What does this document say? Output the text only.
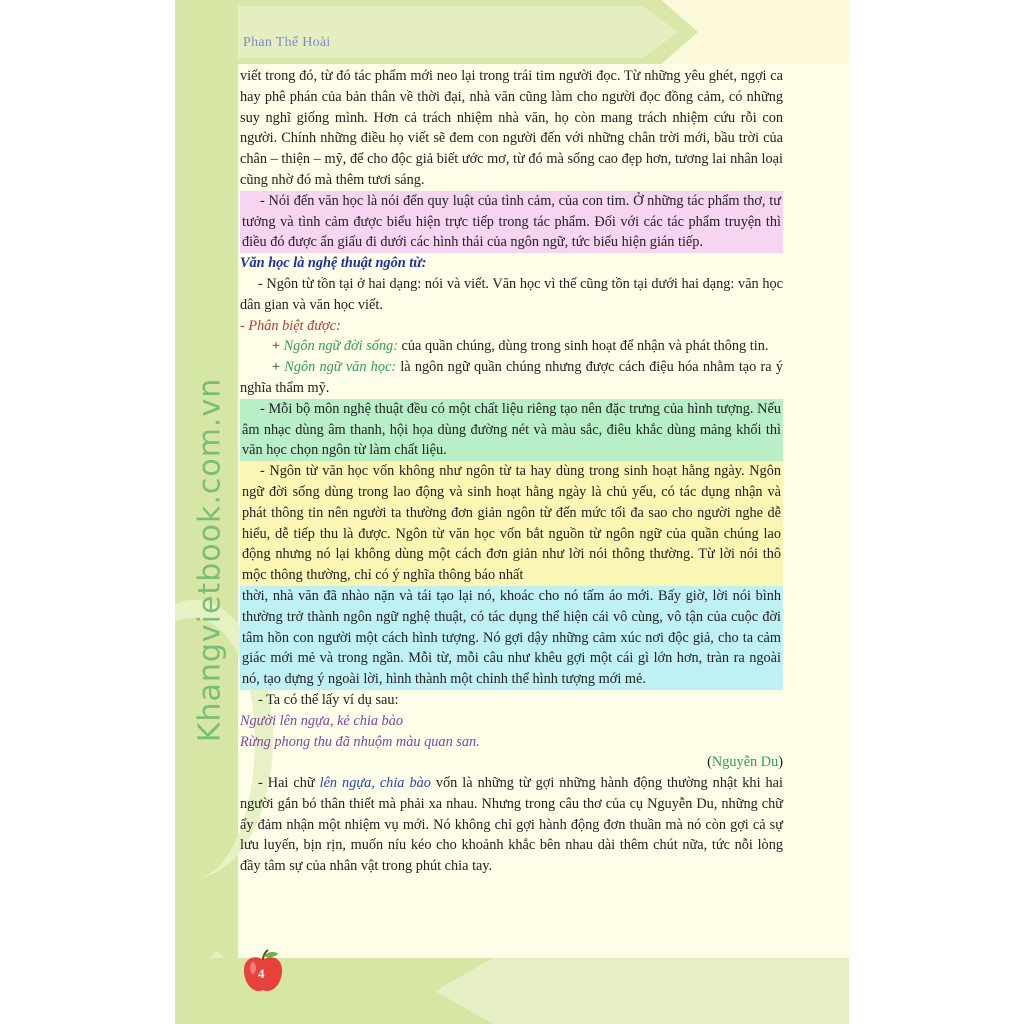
Phan Thế Hoài
4
Khangvietbook.com.vn

viết trong đó, từ đó tác phẩm mới neo lại trong trái tim người đọc. Từ những yêu ghét, ngợi ca hay phê phán của bản thân về thời đại, nhà văn cũng làm cho người đọc đồng cảm, có những suy nghĩ giống mình. Hơn cả trách nhiệm nhà văn, họ còn mang trách nhiệm cứu rỗi con người. Chính những điều họ viết sẽ đem con người đến với những chân trời mới, bầu trời của chân – thiện – mỹ, để cho độc giả biết ước mơ, từ đó mà sống cao đẹp hơn, tương lai nhân loại cũng nhờ đó mà thêm tươi sáng.

- Nói đến văn học là nói đến quy luật của tình cảm, của con tim. Ở những tác phẩm thơ, tư tưởng và tình cảm được biểu hiện trực tiếp trong tác phẩm. Đối với các tác phẩm truyện thì điều đó được ẩn giấu đi dưới các hình thái của ngôn ngữ, tức biểu hiện gián tiếp.

Văn học là nghệ thuật ngôn từ:

- Ngôn từ tồn tại ở hai dạng: nói và viết. Văn học vì thế cũng tồn tại dưới hai dạng: văn học dân gian và văn học viết.

- Phân biệt được:

+ Ngôn ngữ đời sống: của quần chúng, dùng trong sinh hoạt để nhận và phát thông tin.

+ Ngôn ngữ văn học: là ngôn ngữ quần chúng nhưng được cách điệu hóa nhằm tạo ra ý nghĩa thẩm mỹ.

- Mỗi bộ môn nghệ thuật đều có một chất liệu riêng tạo nên đặc trưng của hình tượng. Nếu âm nhạc dùng âm thanh, hội họa dùng đường nét và màu sắc, điêu khắc dùng mảng khối thì văn học chọn ngôn từ làm chất liệu.

- Ngôn từ văn học vốn không như ngôn từ ta hay dùng trong sinh hoạt hằng ngày. Ngôn ngữ đời sống dùng trong lao động và sinh hoạt hằng ngày là chủ yếu, có tác dụng nhận và phát thông tin nên người ta thường đơn giản ngôn từ đến mức tối đa sao cho người nghe dễ hiểu, dễ tiếp thu là được. Ngôn từ văn học vốn bắt nguồn từ ngôn ngữ của quần chúng lao động nhưng nó lại không dùng một cách đơn giản như lời nói thông thường. Từ lời nói thô mộc thông thường, chỉ có ý nghĩa thông báo nhất

thời, nhà văn đã nhào nặn và tái tạo lại nó, khoác cho nó tấm áo mới. Bấy giờ, lời nói bình thường trở thành ngôn ngữ nghệ thuật, có tác dụng thể hiện cái vô cùng, vô tận của cuộc đời tâm hồn con người một cách hình tượng. Nó gợi dậy những cảm xúc nơi độc giả, cho ta cảm giác mới mẻ và trong ngần. Mỗi từ, mỗi câu như khêu gợi một cái gì lớn hơn, tràn ra ngoài nó, tạo dựng ý ngoài lời, hình thành một chỉnh thể hình tượng mới mẻ.

- Ta có thể lấy ví dụ sau:

Người lên ngựa, kẻ chia bào

Rừng phong thu đã nhuộm màu quan san.

(Nguyễn Du)

- Hai chữ lên ngựa, chia bào vốn là những từ gợi những hành động thường nhật khi hai người gắn bó thân thiết mà phải xa nhau. Nhưng trong câu thơ của cụ Nguyễn Du, những chữ ấy đảm nhận một nhiệm vụ mới. Nó không chỉ gợi hành động đơn thuần mà nó còn gợi cả sự lưu luyến, bịn rịn, muốn níu kéo cho khoảnh khắc bên nhau dài thêm chút nữa, tức nỗi lòng đầy tâm sự của nhân vật trong phút chia tay.
